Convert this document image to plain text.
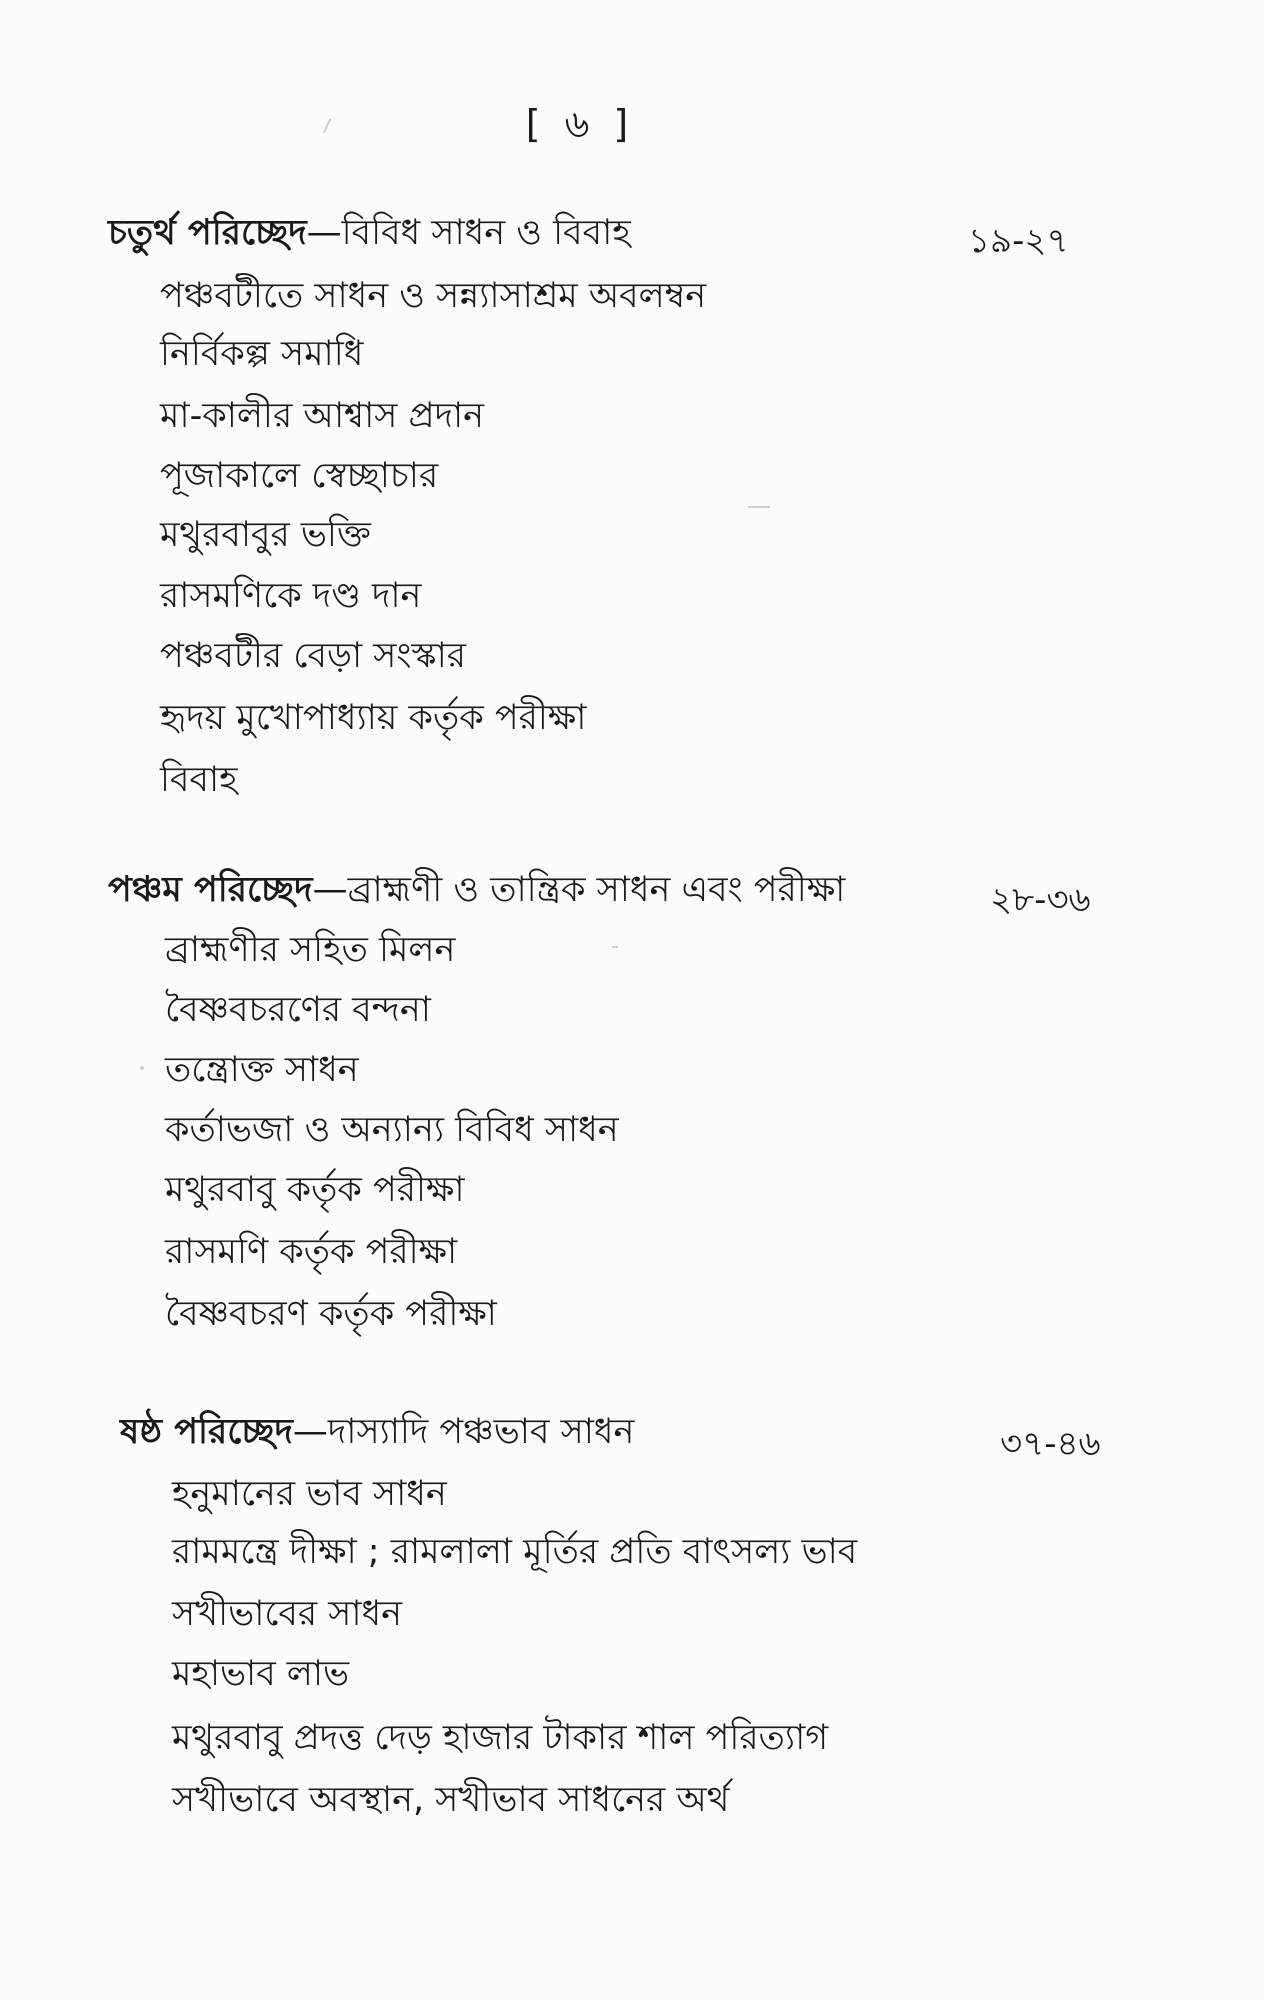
[ ৬ ]
চতুর্থ পরিচ্ছেদ—বিবিধ সাধন ও বিবাহ	১৯-২৭
পঞ্চবটীতে সাধন ও সন্ন্যাসাশ্রম অবলম্বন
নির্বিকল্প সমাধি
মা-কালীর আশ্বাস প্রদান
পূজাকালে স্বেচ্ছাচার
মথুরবাবুর ভক্তি
রাসমণিকে দণ্ড দান
পঞ্চবটীর বেড়া সংস্কার
হৃদয় মুখোপাধ্যায় কর্তৃক পরীক্ষা
বিবাহ
পঞ্চম পরিচ্ছেদ—ব্রাহ্মণী ও তান্ত্রিক সাধন এবং পরীক্ষা	২৮-৩৬
ব্রাহ্মণীর সহিত মিলন
বৈষ্ণবচরণের বন্দনা
তন্ত্রোক্ত সাধন
কর্তাভজা ও অন্যান্য বিবিধ সাধন
মথুরবাবু কর্তৃক পরীক্ষা
রাসমণি কর্তৃক পরীক্ষা
বৈষ্ণবচরণ কর্তৃক পরীক্ষা
ষষ্ঠ পরিচ্ছেদ—দাস্যাদি পঞ্চভাব সাধন	৩৭-৪৬
হনুমানের ভাব সাধন
রামমন্ত্রে দীক্ষা ; রামলালা মূর্তির প্রতি বাৎসল্য ভাব
সখীভাবের সাধন
মহাভাব লাভ
মথুরবাবু প্রদত্ত দেড় হাজার টাকার শাল পরিত্যাগ
সখীভাবে অবস্থান, সখীভাব সাধনের অর্থ
